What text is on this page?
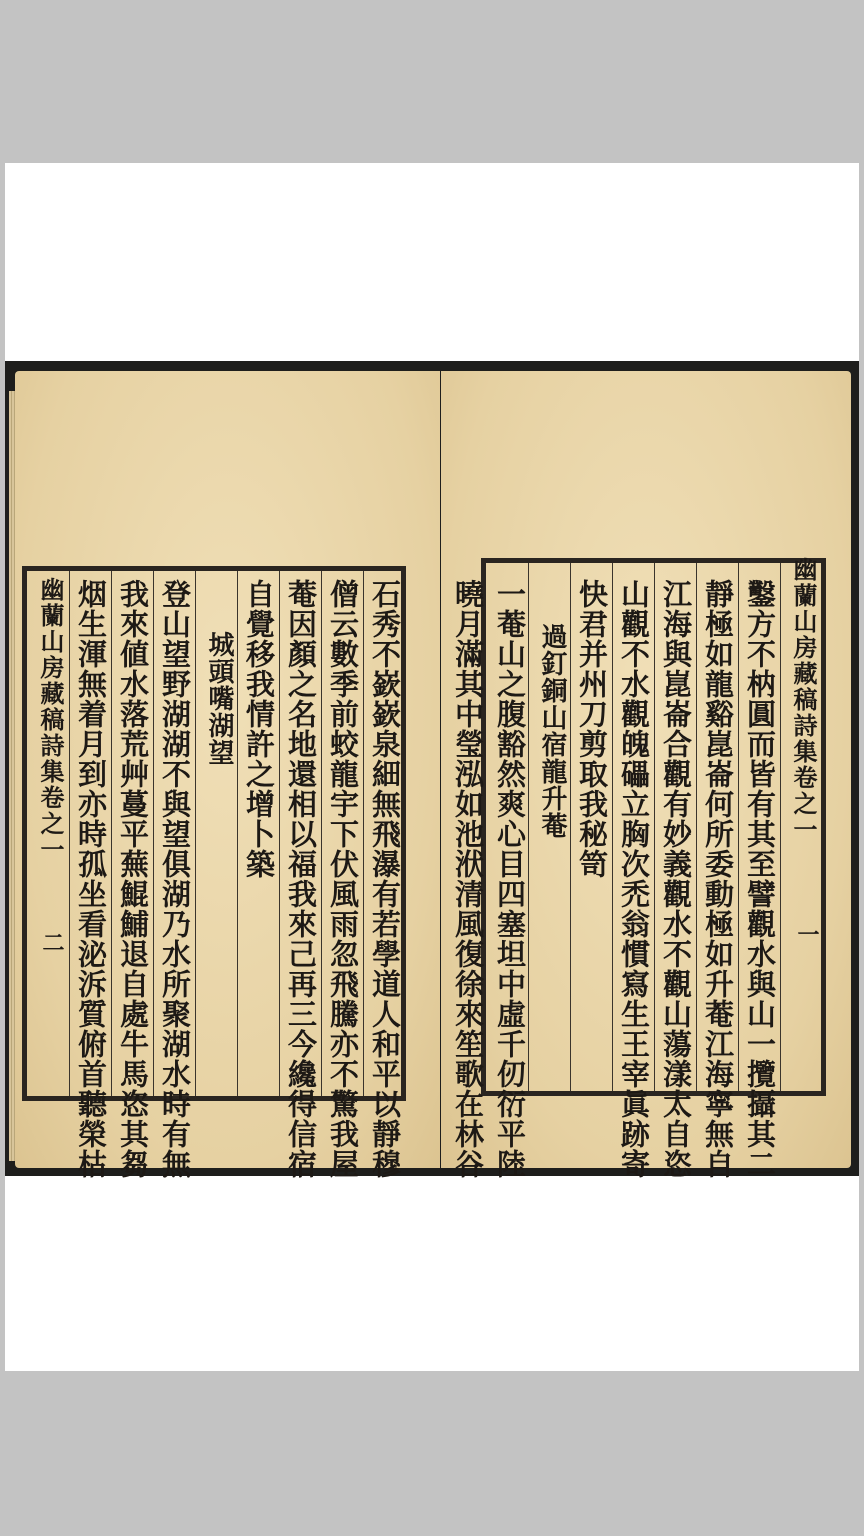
石秀不嶔嶔泉細無飛瀑有若學道人和平以靜穆
僧云數季前蛟龍宇下伏風雨忽飛騰亦不驚我屋
菴因顏之名地還相以福我來己再三今纔得信宿
自覺移我情許之增卜築
城頭嘴湖望
登山望野湖湖不與望俱湖乃水所聚湖水時有無
我來値水落荒艸蔓平蕪鯤鯆退自處牛馬恣其芻
烟生渾無着月到亦時孤坐看泌泝質俯首聽榮枯
幽蘭山房藏稿詩集卷之一
二	鑿方不枘圓而皆有其至譬觀水與山一攬攝其二
靜極如龍谿崑崙何所委動極如升菴江海寧無自
江海與崑崙合觀有妙義觀水不觀山蕩漾太自恣
山觀不水觀魄礧立胸次禿翁慣寫生王宰眞跡寄
快君并州刀剪取我秘笥
過釘銅山宿龍升菴
一菴山之腹豁然爽心目四塞坦中虛千仞衍平陸
曉月滿其中瑩泓如池洑清風復徐來笙歌在林谷	幽蘭山房藏稿詩集卷之一
一
